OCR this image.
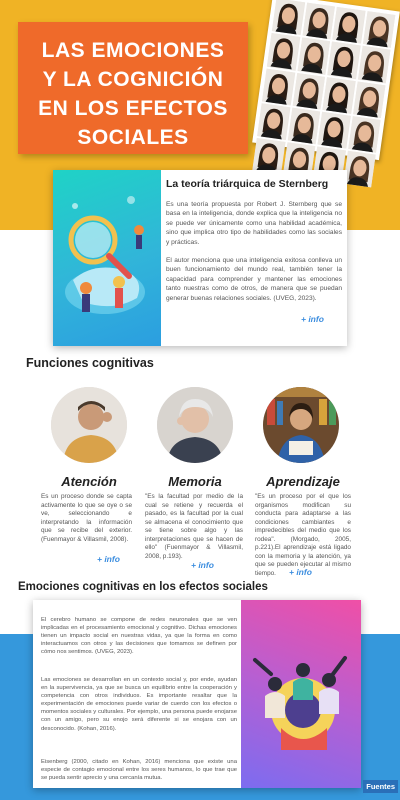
LAS EMOCIONES
Y LA COGNICIÓN
EN LOS EFECTOS
SOCIALES
La teoría triárquica de Sternberg

Es una teoría propuesta por Robert J. Sternberg que se basa en la inteligencia, donde explica que la inteligencia no se puede ver únicamente como una habilidad académica, sino que implica otro tipo de habilidades como las sociales y prácticas.

El autor menciona que una inteligencia exitosa conlleva un buen funcionamiento del mundo real, también tener la capacidad para comprender y mantener las emociones tanto nuestras como de otros, de manera que se puedan generar buenas relaciones sociales. (UVEG, 2023).

+ info
Funciones cognitivas
Atención

Es un proceso donde se capta activamente lo que se oye o se ve, seleccionando e interpretando la información que se recibe del exterior. (Fuenmayor & Villasmil, 2008).

+ info
Memoria

"Es la facultad por medio de la cual se retiene y recuerda el pasado, es la facultad por la cual se almacena el conocimiento que se tiene sobre algo y las interpretaciones que se hacen de ello" (Fuenmayor & Villasmil, 2008, p.193).

+ info
Aprendizaje

"Es un proceso por el que los organismos modifican su conducta para adaptarse a las condiciones cambiantes e impredecibles del medio que los rodea". (Morgado, 2005, p.221).El aprendizaje está ligado con la memoria y la atención, ya que se pueden ejecutar al mismo tiempo.	+ info
Emociones cognitivas en los efectos sociales

El cerebro humano se compone de redes neuronales que se ven implicadas en el procesamiento emocional y cognitivo. Dichas emociones tienen un impacto social en nuestras vidas, ya que la forma en como interactuamos con otros y las decisiones que tomamos se definen por cómo nos sentimos. (UVEG, 2023).

Las emociones se desarrollan en un contexto social y, por ende, ayudan en la supervivencia, ya que se busca un equilibrio entre la cooperación y competencia con otros individuos. Es importante resaltar que la experimentación de emociones puede variar de cuerdo con los efectos o momentos sociales y culturales. Por ejemplo, una persona puede enojarse con un amigo, pero su enojo será diferente si se enojara con un desconocido. (Kohan, 2016).

Eisenberg (2000, citado en Kohan, 2016) menciona que existe una especie de contagio emocional entre los seres humanos, lo que trae que se pueda sentir aprecio y una cercanía mutua.

Fuentes
